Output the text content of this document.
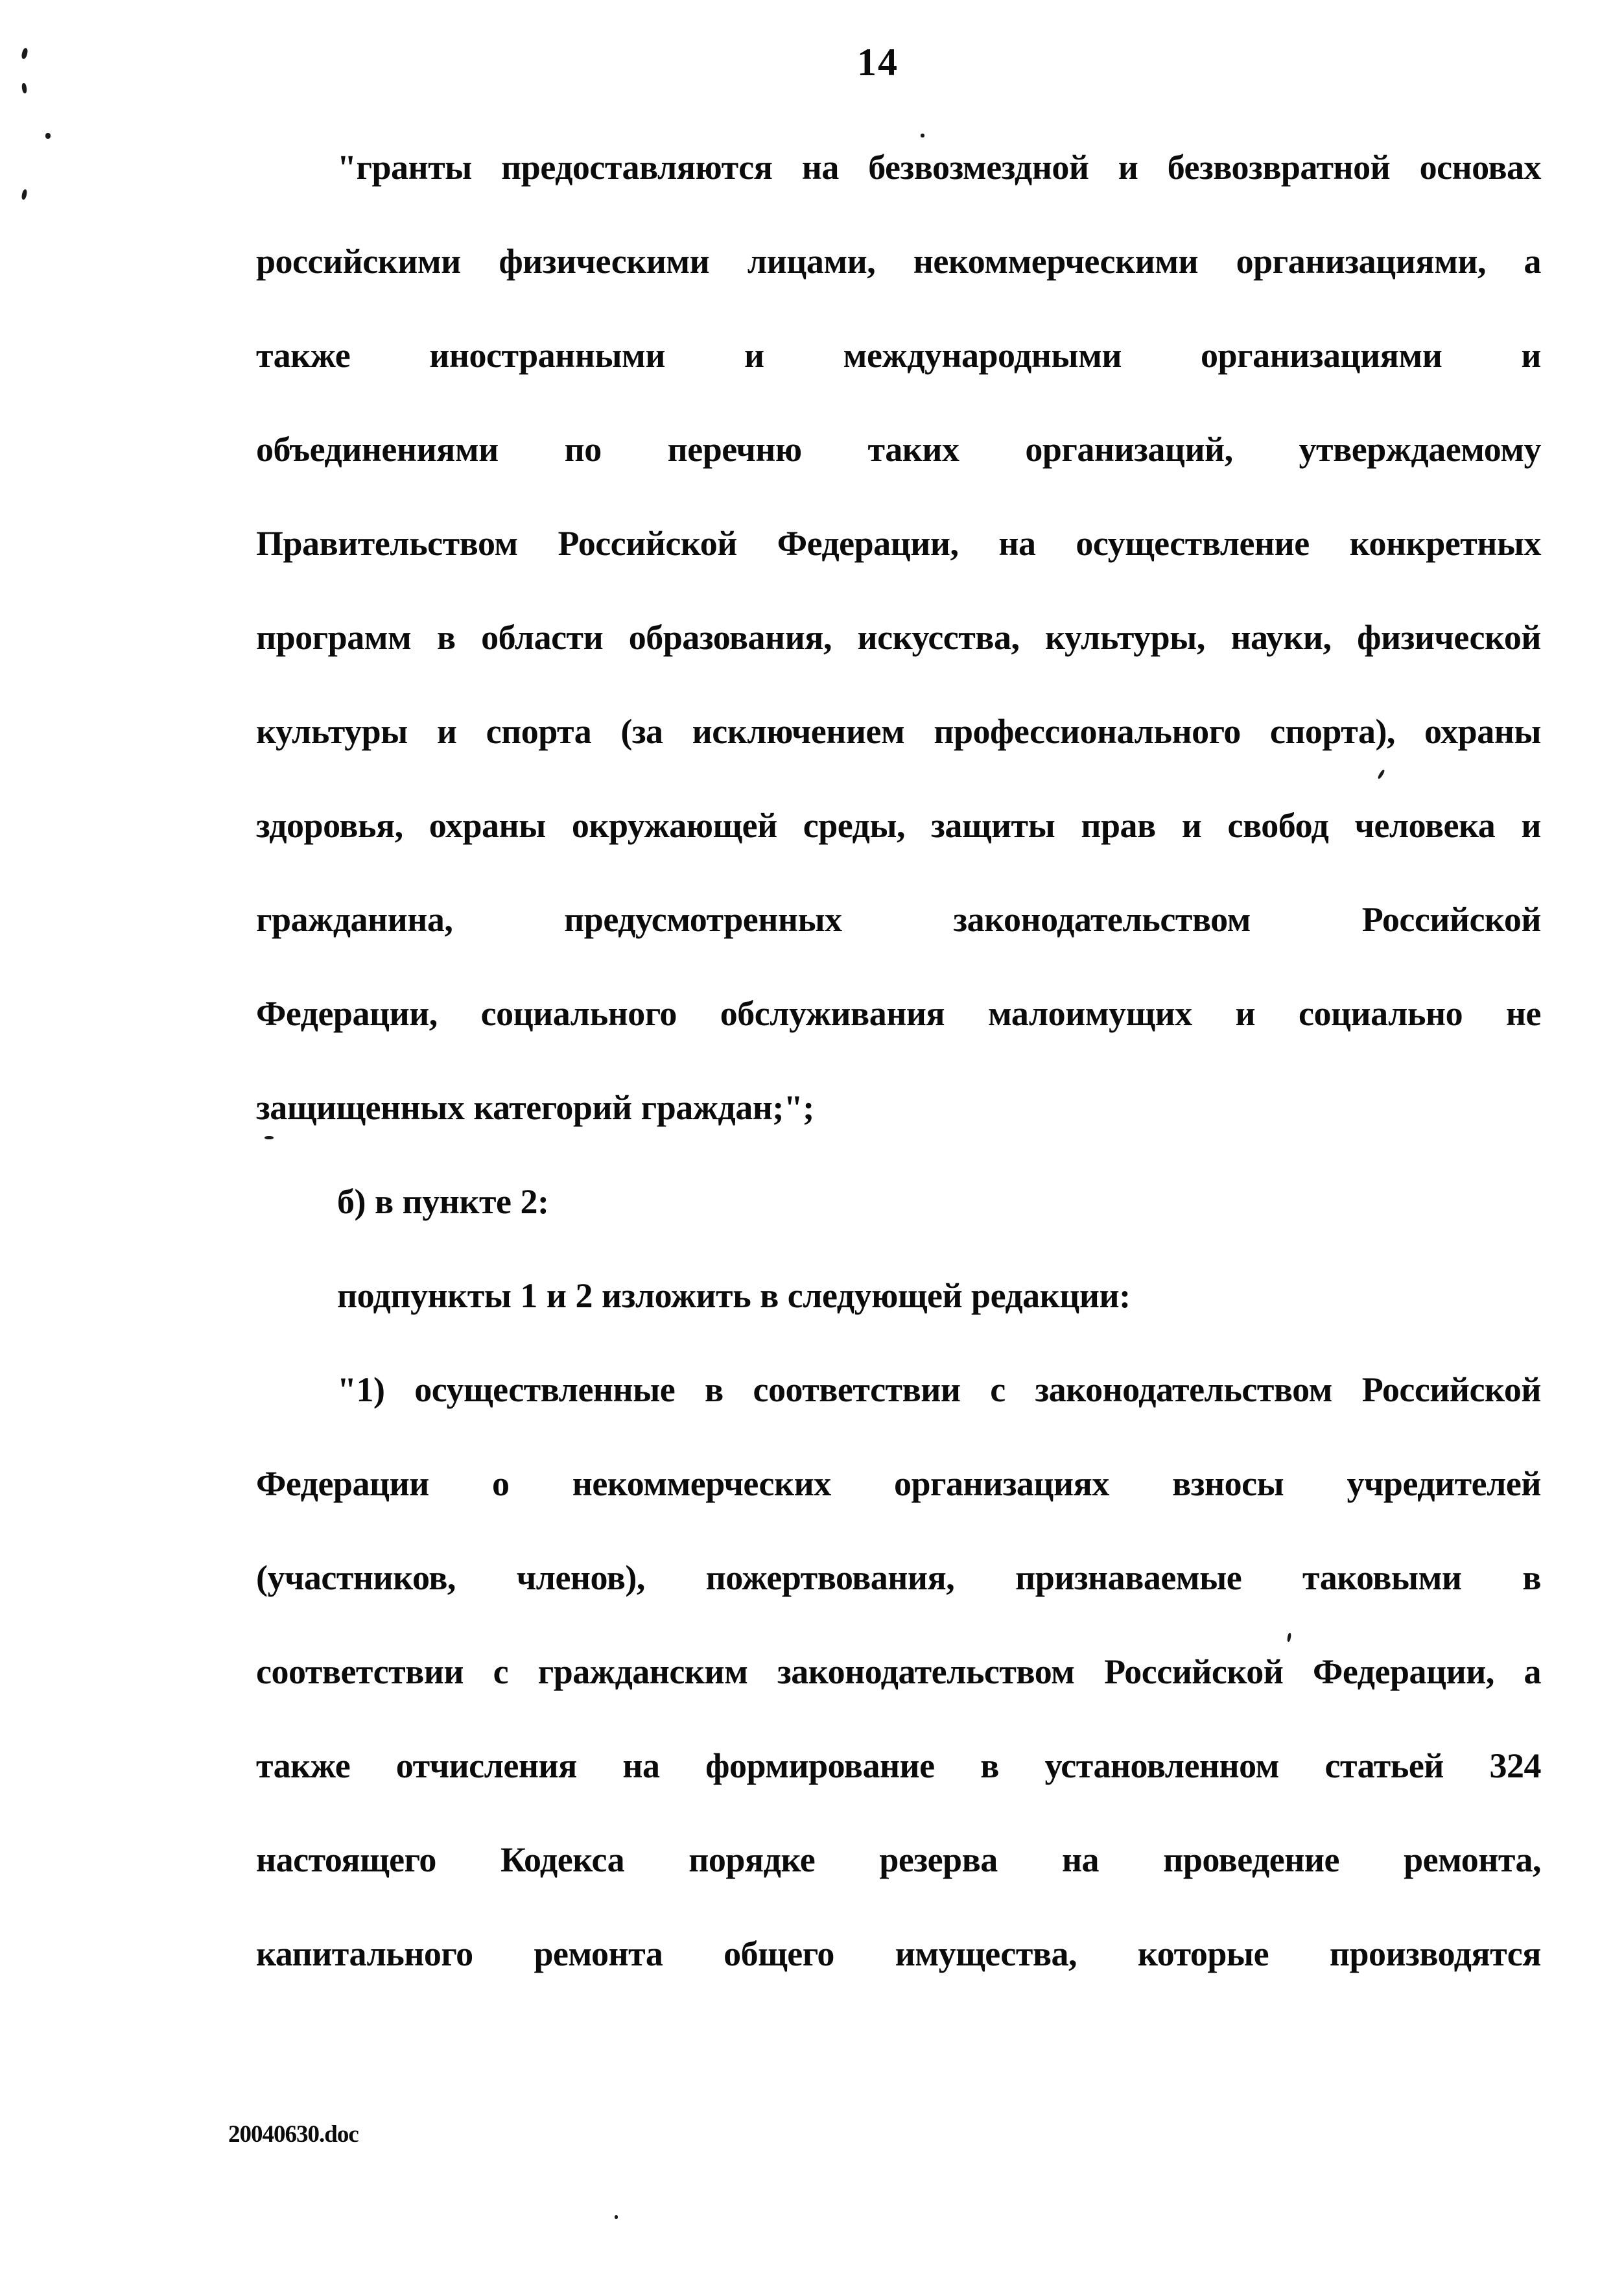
14
"гранты предоставляются на безвозмездной и безвозвратной основах
российскими физическими лицами, некоммерческими организациями, а
также иностранными и международными организациями и
объединениями по перечню таких организаций, утверждаемому
Правительством Российской Федерации, на осуществление конкретных
программ в области образования, искусства, культуры, науки, физической
культуры и спорта (за исключением профессионального спорта), охраны
здоровья, охраны окружающей среды, защиты прав и свобод человека и
гражданина, предусмотренных законодательством Российской
Федерации, социального обслуживания малоимущих и социально не
защищенных категорий граждан;";
б) в пункте 2:
подпункты 1 и 2 изложить в следующей редакции:
"1) осуществленные в соответствии с законодательством Российской
Федерации о некоммерческих организациях взносы учредителей
(участников, членов), пожертвования, признаваемые таковыми в
соответствии с гражданским законодательством Российской Федерации, а
также отчисления на формирование в установленном статьей 324
настоящего Кодекса порядке резерва на проведение ремонта,
капитального ремонта общего имущества, которые производятся
20040630.doc
